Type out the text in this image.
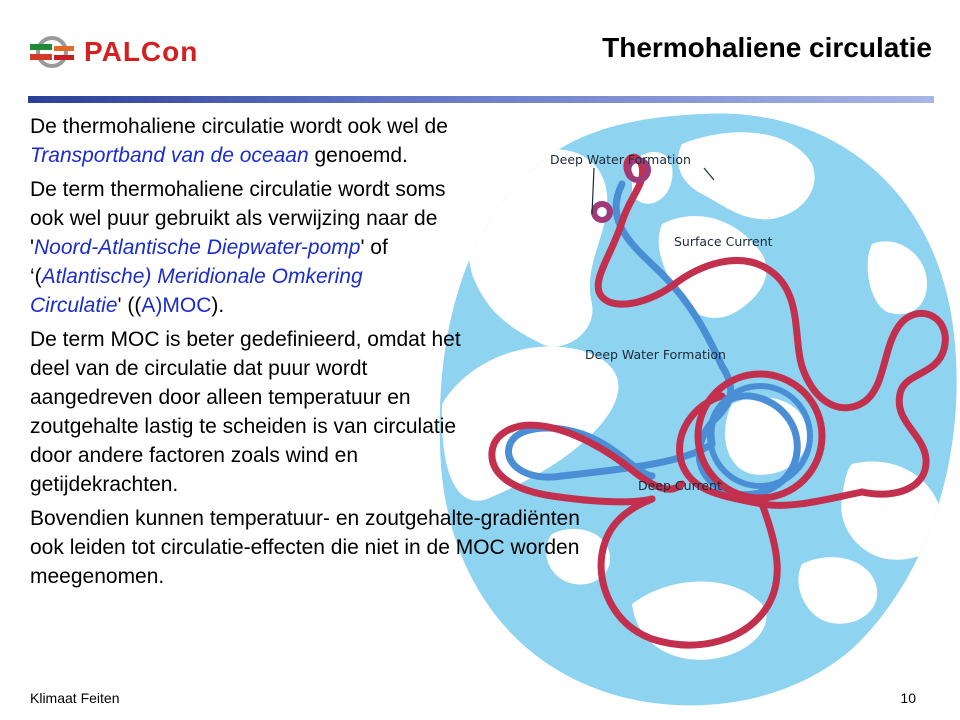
PALCon	Thermohaliene circulatie
Deep Water Formation
Surface Current
Deep Water Formation
Deep Current

De thermohaliene circulatie wordt ook wel de Transportband van de oceaan genoemd.

De term thermohaliene circulatie wordt soms ook wel puur gebruikt als verwijzing naar de 'Noord-Atlantische Diepwater-pomp' of ‘(Atlantische) Meridionale Omkering Circulatie' ((A)MOC).

De term MOC is beter gedefinieerd, omdat het deel van de circulatie dat puur wordt aangedreven door alleen temperatuur en zoutgehalte lastig te scheiden is van circulatie door andere factoren zoals wind en getijdekrachten.

Bovendien kunnen temperatuur- en zoutgehalte-gradiënten ook leiden tot circulatie-effecten die niet in de MOC worden meegenomen.

Klimaat Feiten	10
